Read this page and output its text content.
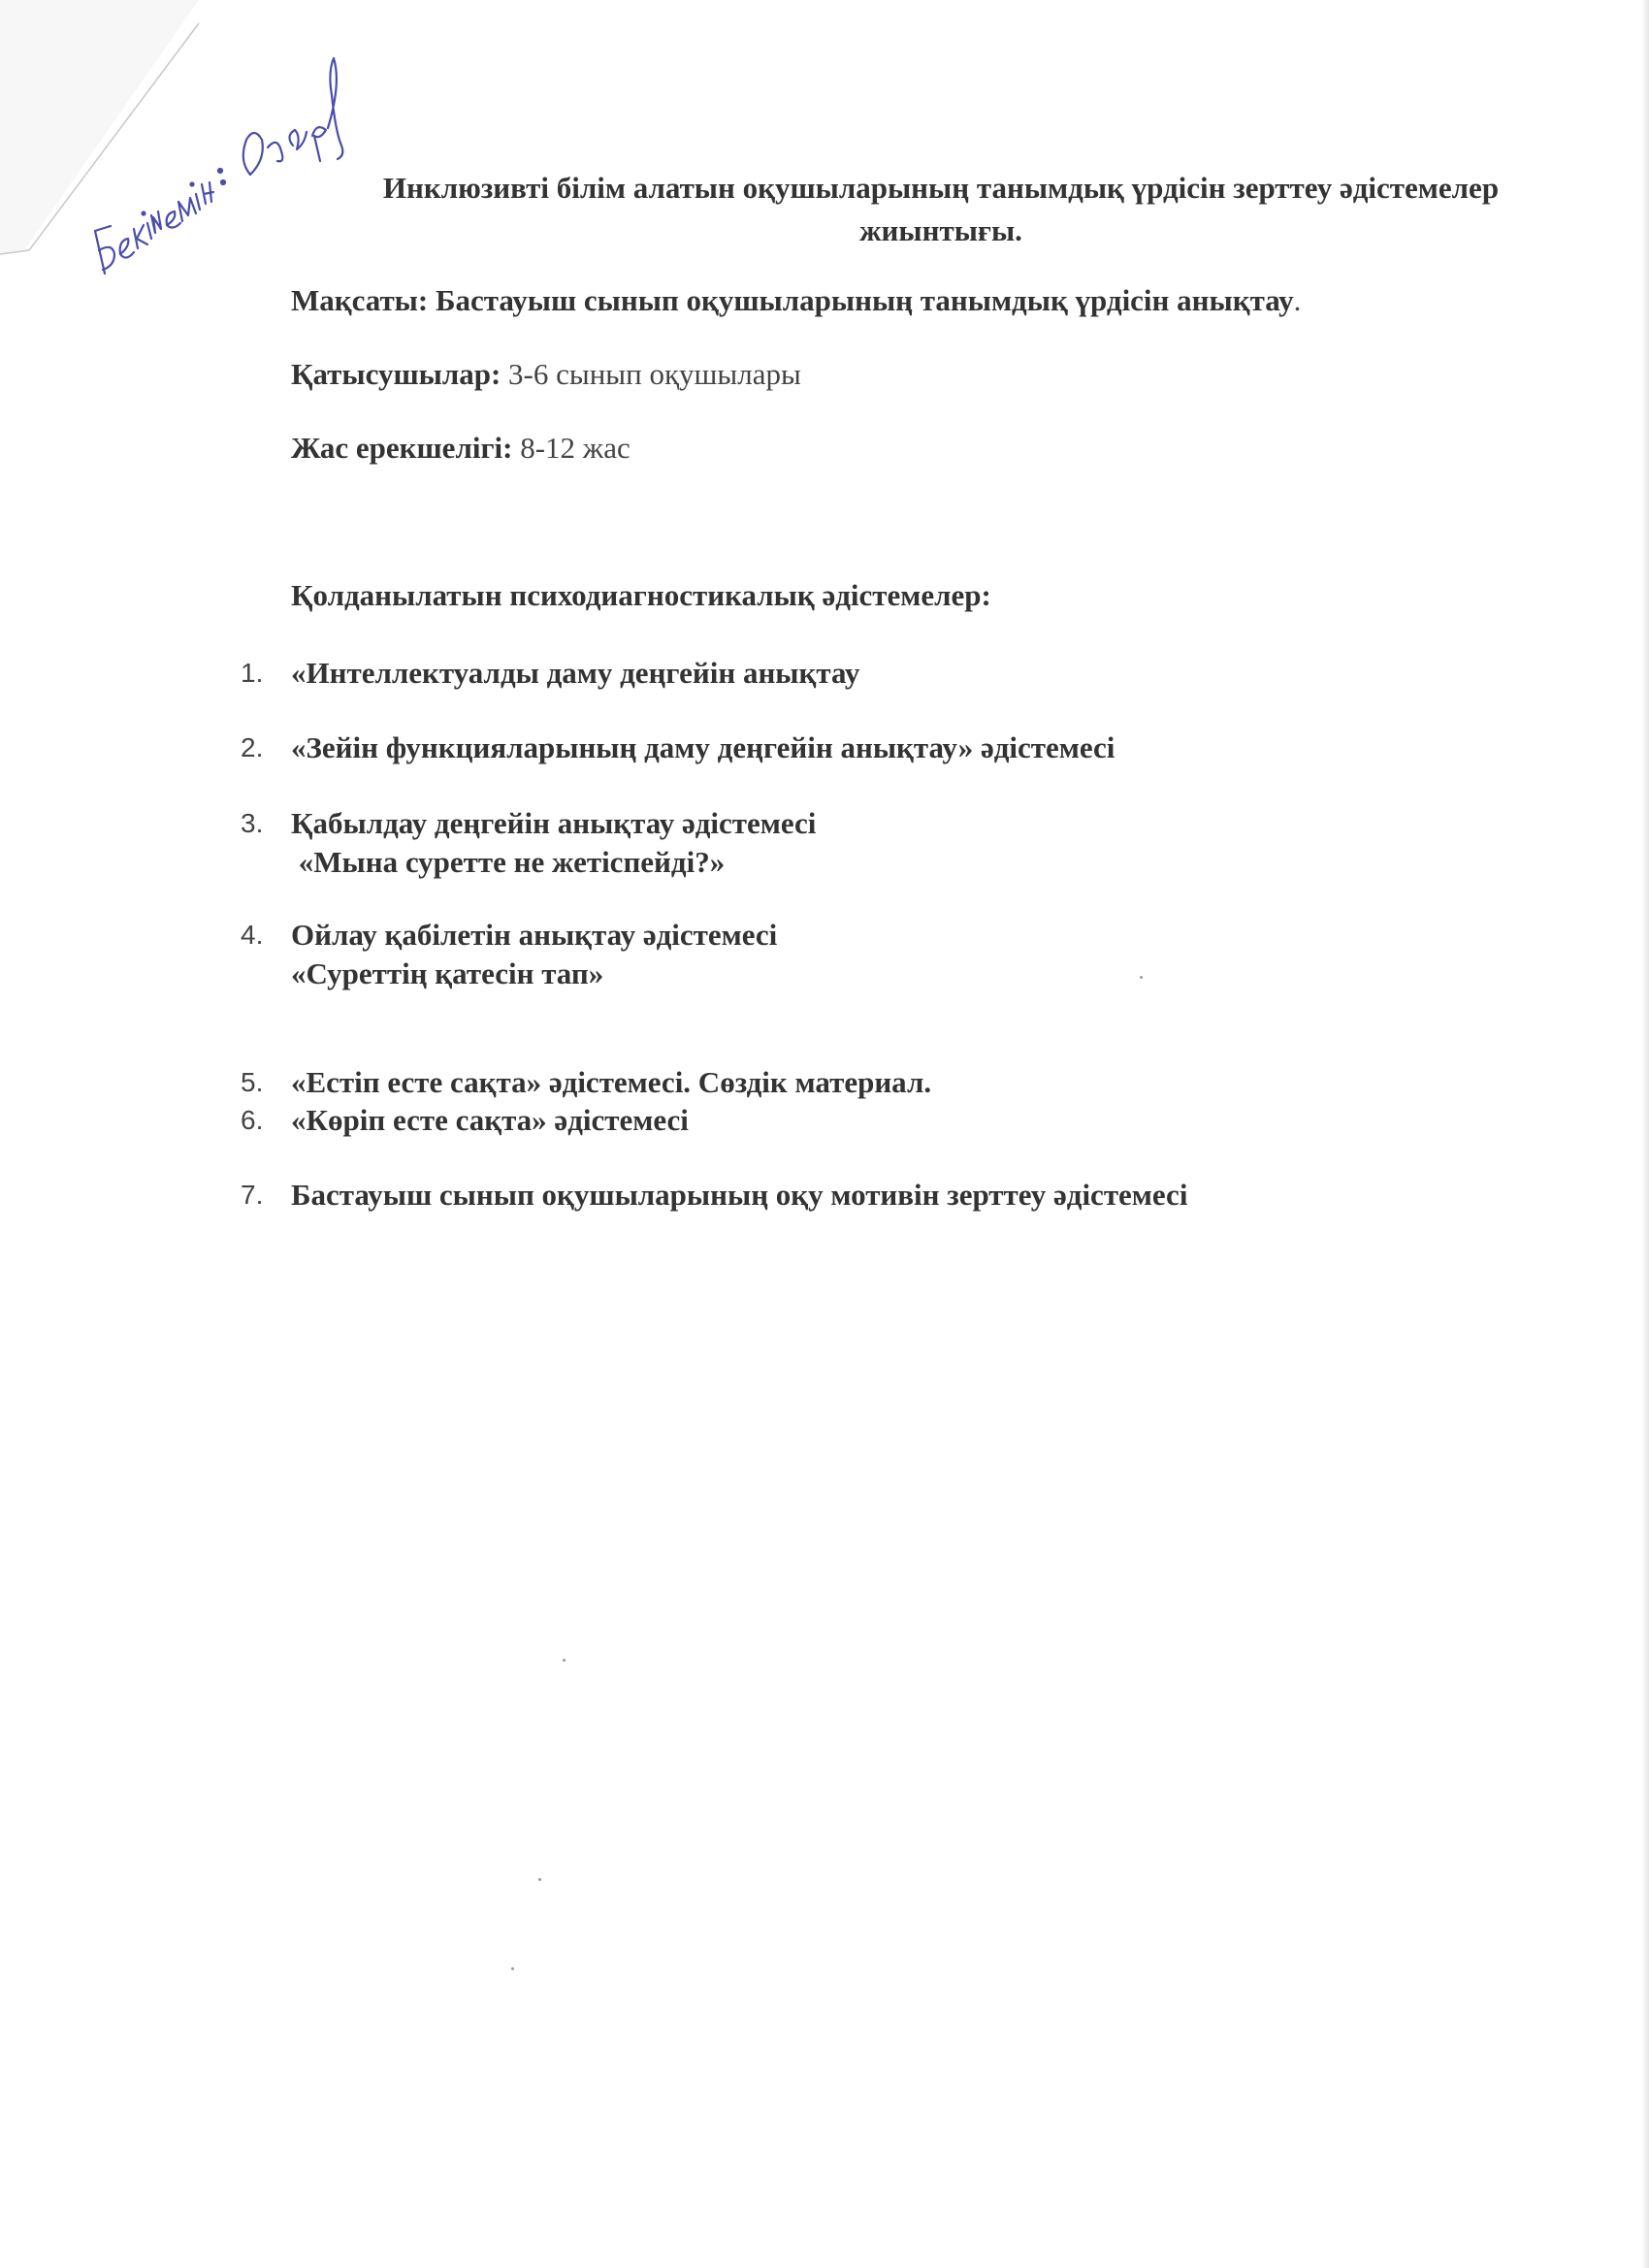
Инклюзивті білім алатын оқушыларының танымдық үрдісін зерттеу әдістемелер
жиынтығы.
Мақсаты: Бастауыш сынып оқушыларының танымдық үрдісін анықтау.
Қатысушылар: 3-6 сынып оқушылары
Жас ерекшелігі: 8-12 жас
Қолданылатын психодиагностикалық әдістемелер:
1. «Интеллектуалды даму деңгейін анықтау
2. «Зейін функцияларының даму деңгейін анықтау» әдістемесі
3. Қабылдау деңгейін анықтау әдістемесі
«Мына суретте не жетіспейді?»
4. Ойлау қабілетін анықтау әдістемесі
«Суреттің қатесін тап»
5. «Естіп есте сақта» әдістемесі. Сөздік материал.
6. «Көріп есте сақта» әдістемесі
7. Бастауыш сынып оқушыларының оқу мотивін зерттеу әдістемесі
